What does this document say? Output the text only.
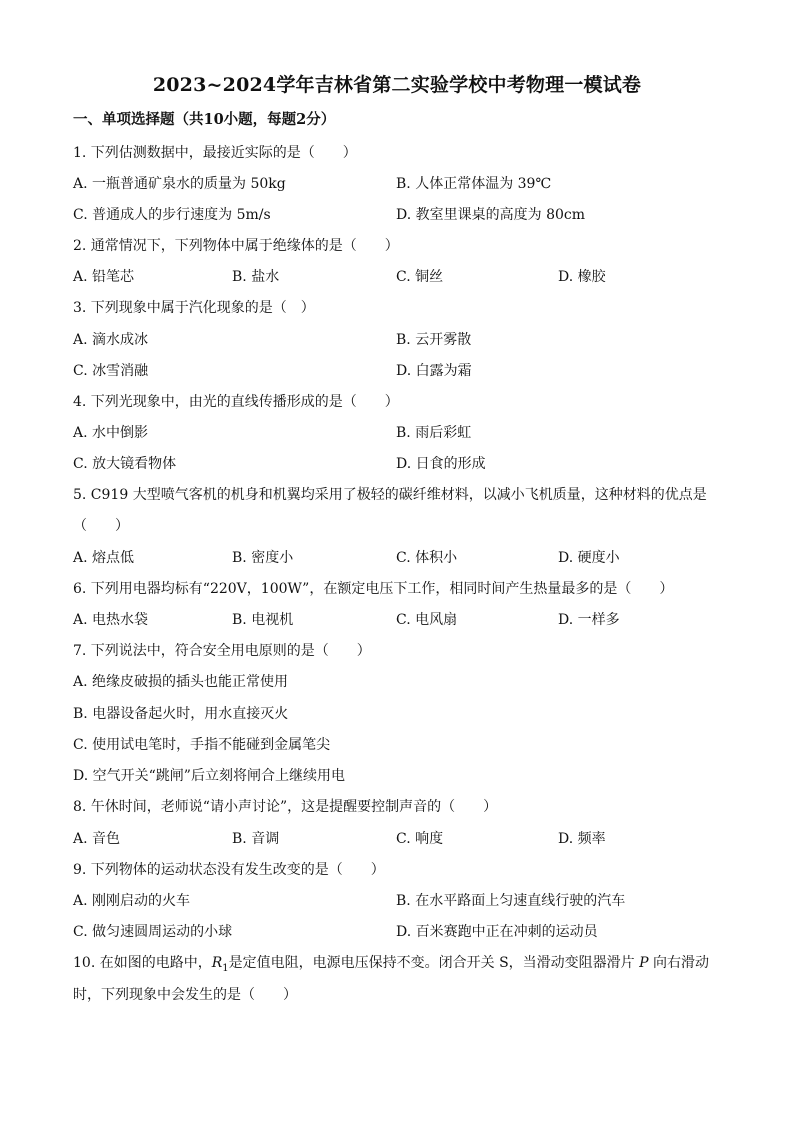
2023~2024学年吉林省第二实验学校中考物理一模试卷
一、单项选择题（共10小题，每题2分）
1. 下列估测数据中，最接近实际的是（　　）
A. 一瓶普通矿泉水的质量为 50kg	B. 人体正常体温为 39℃
C. 普通成人的步行速度为 5m/s	D. 教室里课桌的高度为 80cm
2. 通常情况下，下列物体中属于绝缘体的是（　　）
A. 铅笔芯	B. 盐水	C. 铜丝	D. 橡胶
3. 下列现象中属于汽化现象的是（　）
A. 滴水成冰	B. 云开雾散
C. 冰雪消融	D. 白露为霜
4. 下列光现象中，由光的直线传播形成的是（　　）
A. 水中倒影	B. 雨后彩虹
C. 放大镜看物体	D. 日食的形成
5. C919 大型喷气客机的机身和机翼均采用了极轻的碳纤维材料，以减小飞机质量，这种材料的优点是
（　　）
A. 熔点低	B. 密度小	C. 体积小	D. 硬度小
6. 下列用电器均标有“220V，100W”，在额定电压下工作，相同时间产生热量最多的是（　　）
A. 电热水袋	B. 电视机	C. 电风扇	D. 一样多
7. 下列说法中，符合安全用电原则的是（　　）
A. 绝缘皮破损的插头也能正常使用
B. 电器设备起火时，用水直接灭火
C. 使用试电笔时，手指不能碰到金属笔尖
D. 空气开关“跳闸”后立刻将闸合上继续用电
8. 午休时间，老师说“请小声讨论”，这是提醒要控制声音的（　　）
A. 音色	B. 音调	C. 响度	D. 频率
9. 下列物体的运动状态没有发生改变的是（　　）
A. 刚刚启动的火车	B. 在水平路面上匀速直线行驶的汽车
C. 做匀速圆周运动的小球	D. 百米赛跑中正在冲刺的运动员
10. 在如图的电路中，$R_1$是定值电阻，电源电压保持不变。闭合开关 S，当滑动变阻器滑片 P 向右滑动
时，下列现象中会发生的是（　　）
